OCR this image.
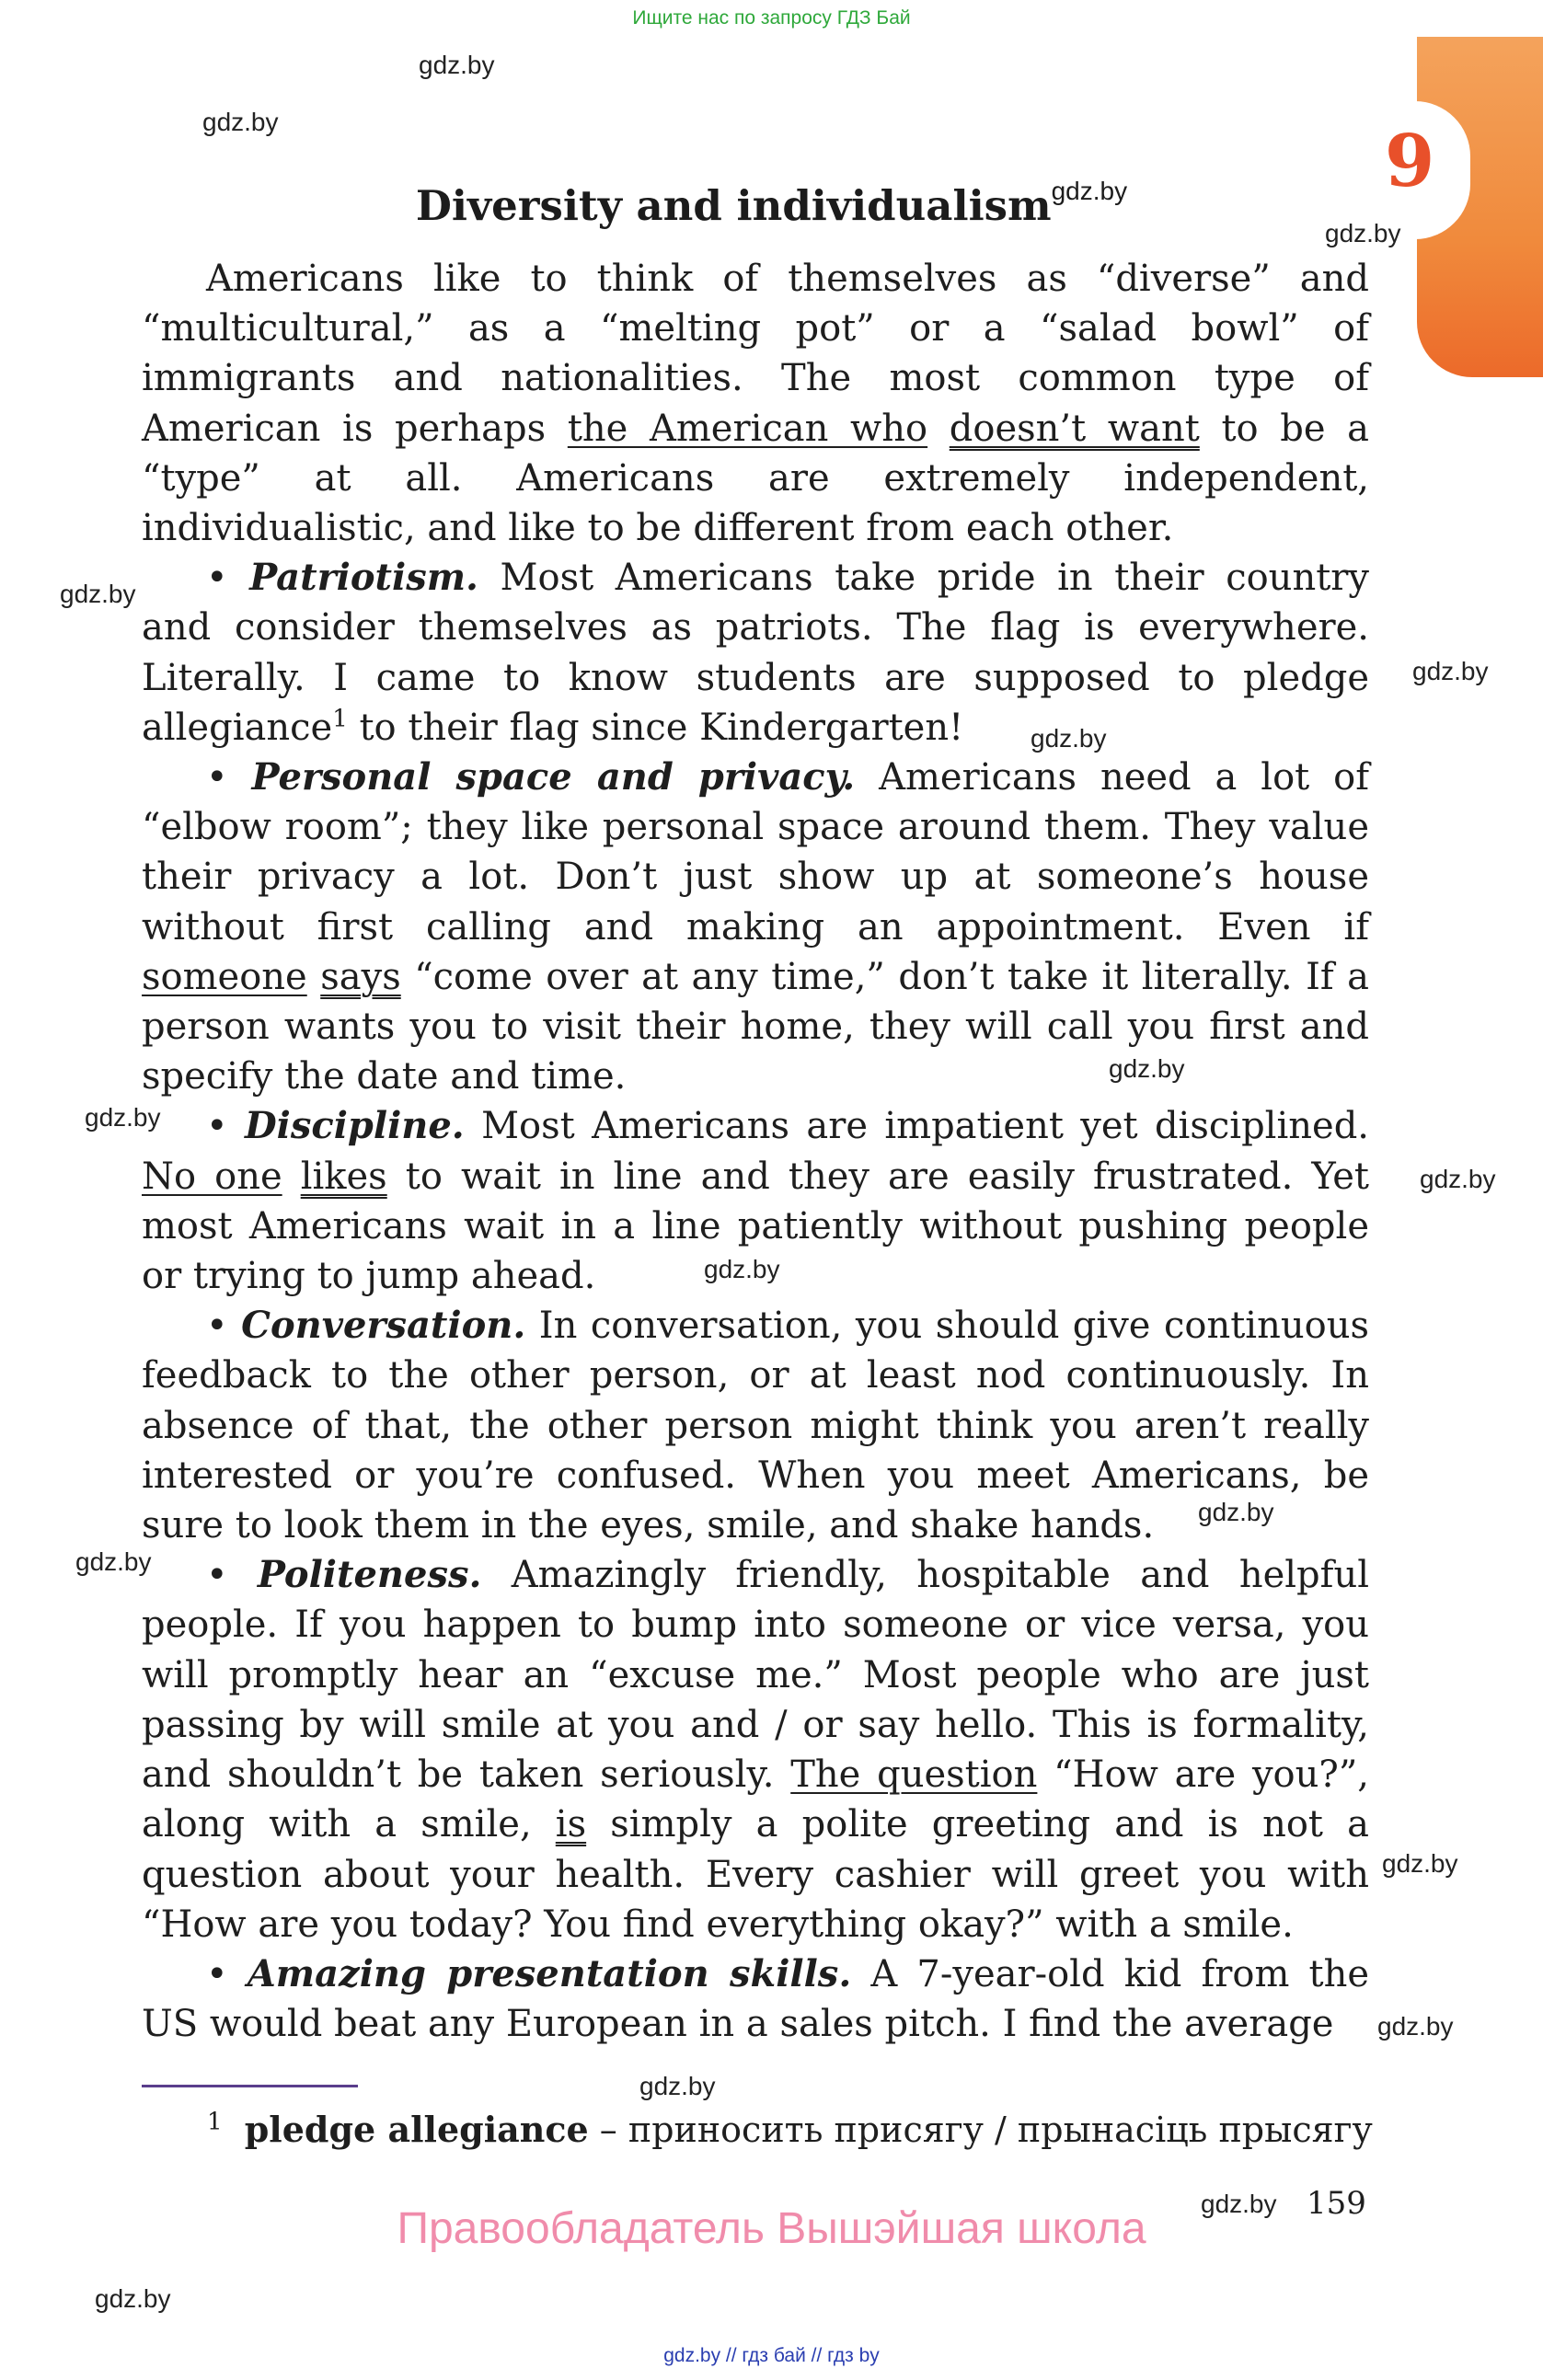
Ищите нас по запросу ГДЗ Бай
9
gdz.by
gdz.by
gdz.by
gdz.by
gdz.by
gdz.by
gdz.by
gdz.by
gdz.by
gdz.by
gdz.by
gdz.by
gdz.by
gdz.by
gdz.by
gdz.by
gdz.by
Diversity and individualism$^{gdz.by}$

Americans like to think of themselves as “diverse” and “multicultural,” as a “melting pot” or a “salad bowl” of immigrants and nationalities. The most common type of American is perhaps the American who doesn’t want to be a “type” at all. Americans are extremely independent, individualistic, and like to be different from each other.

• Patriotism. Most Americans take pride in their country and consider themselves as patriots. The flag is everywhere. Literally. I came to know students are supposed to pledge allegiance$^1$ to their flag since Kindergarten!

• Personal space and privacy. Americans need a lot of “elbow room”; they like personal space around them. They value their privacy a lot. Don’t just show up at someone’s house without first calling and making an appointment. Even if someone says “come over at any time,” don’t take it literally. If a person wants you to visit their home, they will call you first and specify the date and time.

• Discipline. Most Americans are impatient yet disciplined. No one likes to wait in line and they are easily frustrated. Yet most Americans wait in a line patiently without pushing people or trying to jump ahead.

• Conversation. In conversation, you should give continuous feedback to the other person, or at least nod continuously. In absence of that, the other person might think you aren’t really interested or you’re confused. When you meet Americans, be sure to look them in the eyes, smile, and shake hands.

• Politeness. Amazingly friendly, hospitable and helpful people. If you happen to bump into someone or vice versa, you will promptly hear an “excuse me.” Most people who are just passing by will smile at you and / or say hello. This is formality, and shouldn’t be taken seriously. The question “How are you?”, along with a smile, is simply a polite greeting and is not a question about your health. Every cashier will greet you with “How are you today? You find everything okay?” with a smile.

• Amazing presentation skills. A 7-year-old kid from the US would beat any European in a sales pitch. I find the average

$^1$ pledge allegiance – приносить присягу / прынасіць прысягу
159
Правообладатель Вышэйшая школа
gdz.by // гдз бай // гдз by
